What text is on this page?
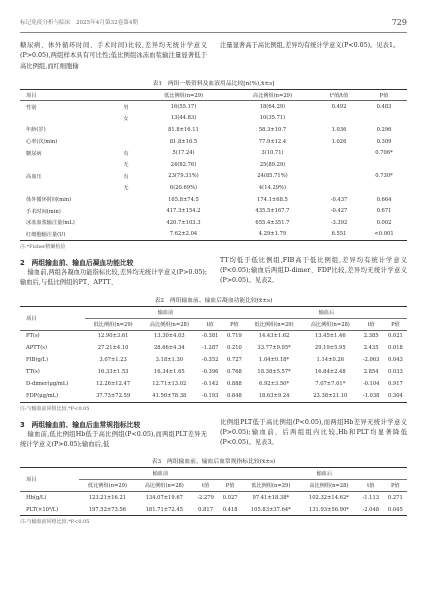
标记免疫分析与临床　2025年4月第32卷第4期	729

糖尿病、体外循环时间、手术时间)比较,差异均无统计学意义(P>0.05),两组样本具有可比性;低比例组冰冻血浆输注量显著低于高比例组,而红细胞输

注量显著高于高比例组,差异均有统计学意义(P<0.05)。见表1。

表1　两组一般资料及血液用品比较[n(%),x̄±s]
项目		低比例组(n=29)	高比例组(n=29)	t²值/t值	P值
性别	男	16(55.17)	18(64.29)	0.492	0.483
	女	13(44.83)	10(35.71)		
年龄(岁)		81.8±16.11	58.3±10.7	1.036	0.296
心率(次/min)		81.8±16.5	77.9±12.4	1.026	0.309
糖尿病	有	5(17.24)	3(10.71)		0.706*
	无	24(82.76)	25(89.29)		
高血压	有	23(79.31%)	24(85.71%)		0.730*
	无	6(20.69%)	4(14.29%)		
体外循环时间(min)		165.8±74.5	174.1±68.5	-0.437	0.664
手术时间(min)		417.3±154.2	435.5±167.7	-0.427	0.671
冰冻血浆输注量(mL)		420.7±103.3	655.4±351.7	-3.392	0.002
红细胞输注量(U)		7.62±2.04	4.29±1.79	6.551	<0.001
注:*Fisher精确检验
2　两组输血前、输血后凝血功能比较

输血前,两组各凝血功能指标比较,差异均无统计学意义(P>0.05);输血后,与低比例组的PT、APTT、

TT均低于低比例组,FIB高于低比例组,差异均有统计学意义(P<0.05);输血后两组D-dimer、FDP比较,差异均无统计学意义(P>0.05)。见表2。

表2　两组输血前、输血后凝血功能比较(x̄±s)
项目	输血前				输血后			
	低比例组(n=29)	高比例组(n=28)	t值	P值	低比例组(n=29)	高比例组(n=28)	t值	P值
PT(s)	12.90±3.61	13.30±4.03	-0.381	0.719	14.43±1.62	13.45±1.46	2.385	0.021
APTT(s)	27.21±4.10	28.66±4.34	-1.287	0.210	33.77±9.05*	29.19±5.95	2.435	0.018
FIB(g/L)	3.07±1.23	3.18±1.30	-0.352	0.727	1.04±0.18*	1.14±0.26	-2.063	0.043
TT(s)	16.33±1.53	16.34±1.65	-0.396	0.768	18.38±5.57*	16.84±2.48	2.854	0.033
D-dimer(μg/mL)	12.26±12.47	12.71±13.02	-0.142	0.888	6.92±3.50*	7.07±7.01*	-0.104	0.917
FDP(μg/mL)	37.73±72.59	41.56±78.38	-0.193	0.848	18.63±9.24	23.38±21.10	-1.038	0.304
注:与输血前同组比较,*P<0.05
3　两组输血前、输血后血常规指标比较

输血前,低比例组Hb低于高比例组(P<0.05),而两组PLT差异无统计学意义(P>0.05);输血后,低

比例组PLT低于高比例组(P<0.05),而两组Hb差异无统计学意义(P>0.05);输血前、后两组组内比较,Hb和PLT均显著降低(P<0.05)。见表3。

表3　两组输血前、输血后血常规指标比较(x̄±s)
项目	输血前				输血后			
	低比例组(n=29)	高比例组(n=28)	t值	P值	低比例组(n=29)	高比例组(n=28)	t值	P值
Hb(g/L)	123.21±16.21	134.07±19.67	-2.279	0.027	97.41±18.38*	102.32±14.62*	-1.113	0.271
PLT(×10⁹/L)	197.52±73.56	181.71±72.45	0.817	0.418	105.83±37.64*	131.93±56.90*	-2.048	0.045
注:与输血前同组比较,*P<0.05
